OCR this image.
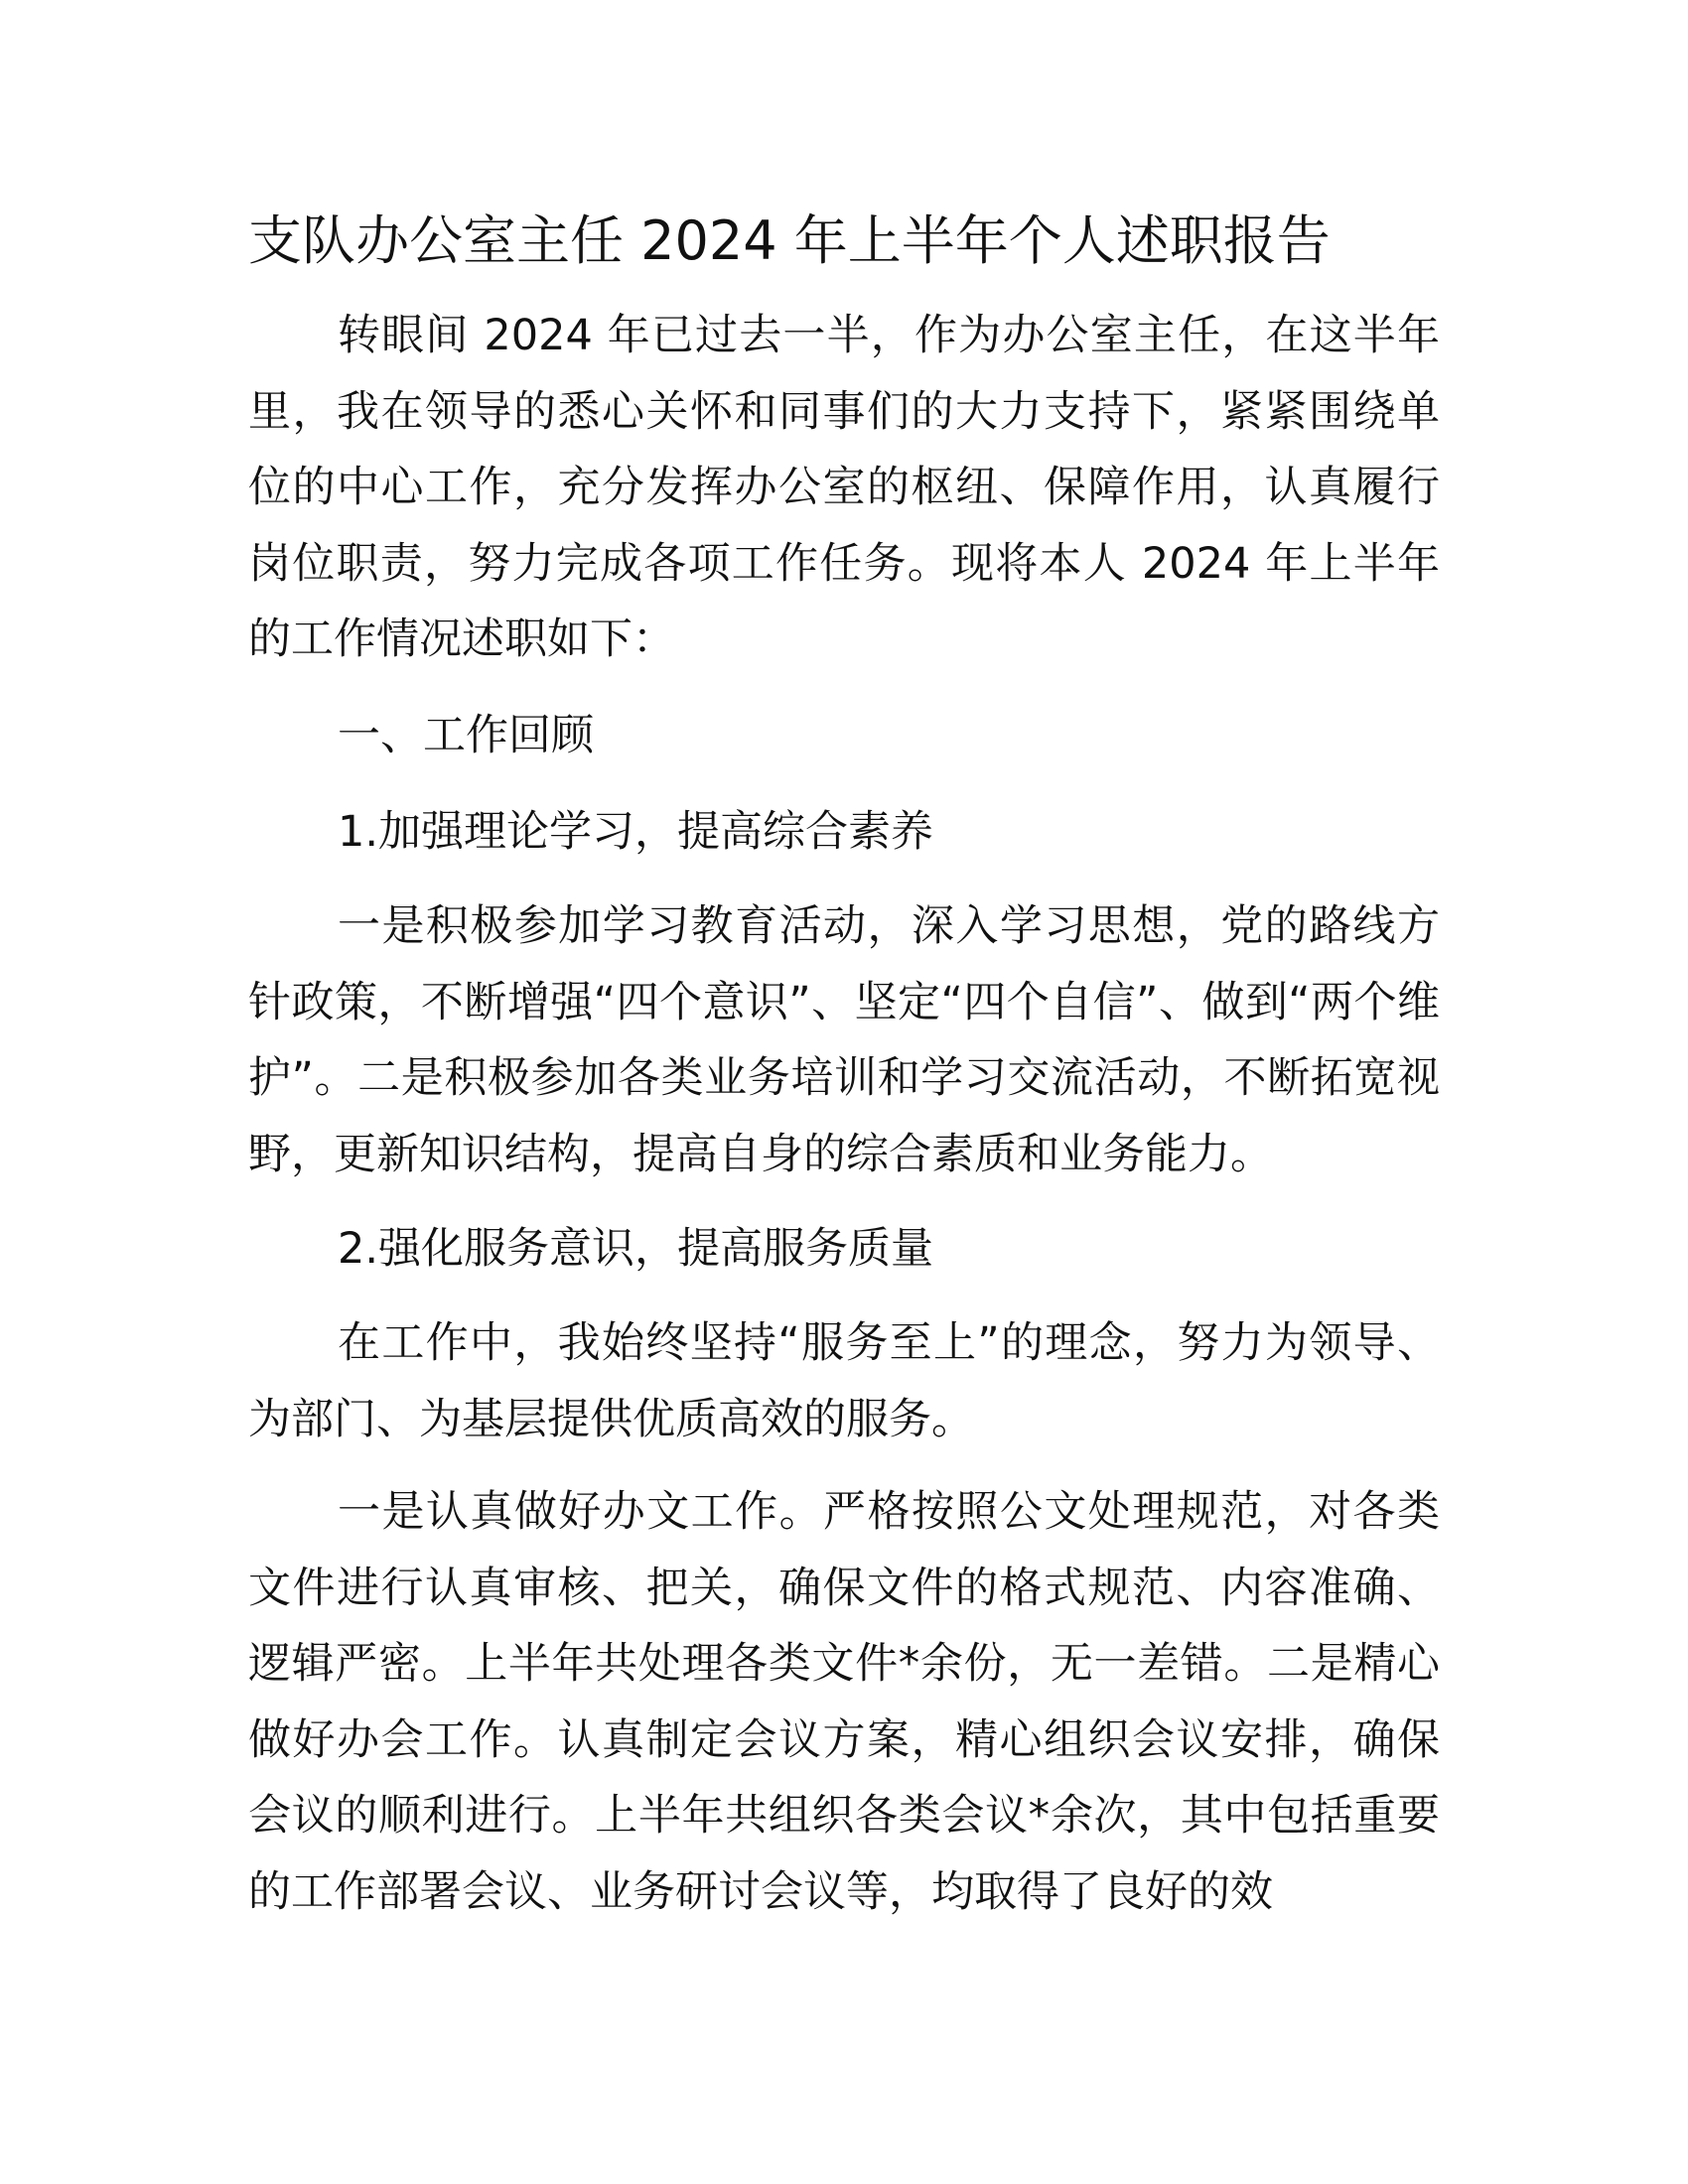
支队办公室主任 2024 年上半年个人述职报告

转眼间 2024 年已过去一半，作为办公室主任，在这半年里，我在领导的悉心关怀和同事们的大力支持下，紧紧围绕单位的中心工作，充分发挥办公室的枢纽、保障作用，认真履行岗位职责，努力完成各项工作任务。现将本人 2024 年上半年的工作情况述职如下：

一、工作回顾

1.加强理论学习，提高综合素养

一是积极参加学习教育活动，深入学习思想，党的路线方针政策，不断增强“四个意识”、坚定“四个自信”、做到“两个维护”。二是积极参加各类业务培训和学习交流活动，不断拓宽视野，更新知识结构，提高自身的综合素质和业务能力。

2.强化服务意识，提高服务质量

在工作中，我始终坚持“服务至上”的理念，努力为领导、为部门、为基层提供优质高效的服务。

一是认真做好办文工作。严格按照公文处理规范，对各类文件进行认真审核、把关，确保文件的格式规范、内容准确、逻辑严密。上半年共处理各类文件*余份，无一差错。二是精心做好办会工作。认真制定会议方案，精心组织会议安排，确保会议的顺利进行。上半年共组织各类会议*余次，其中包括重要的工作部署会议、业务研讨会议等，均取得了良好的效
